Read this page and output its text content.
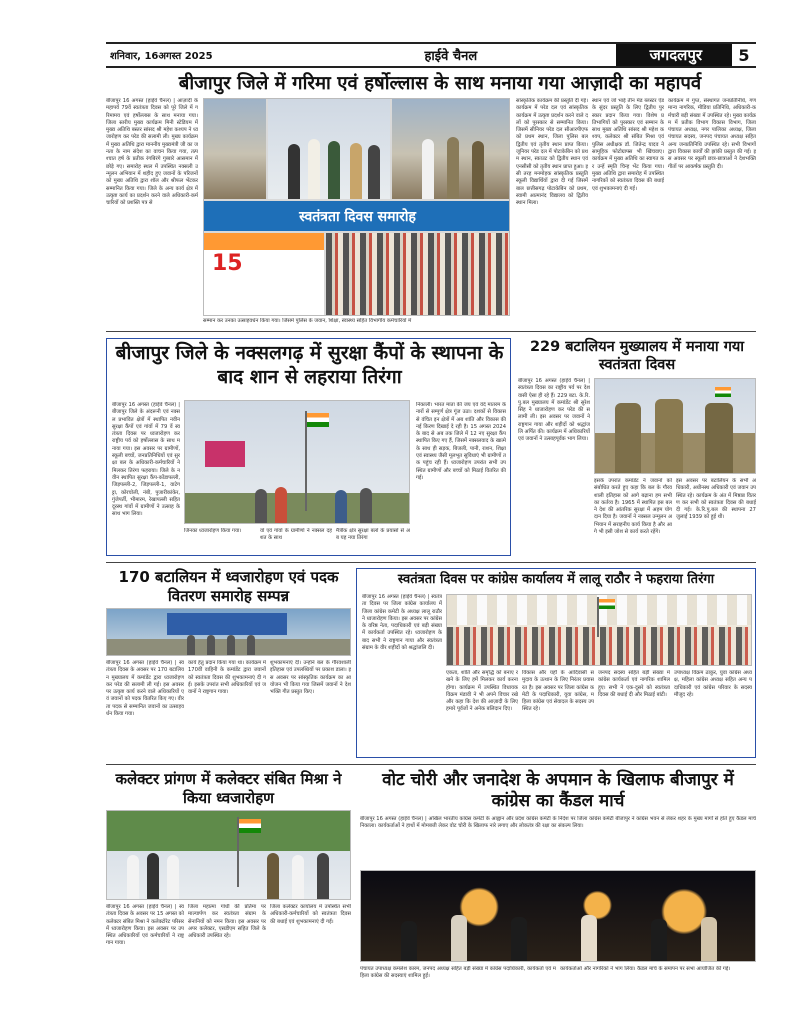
शनिवार, 16अगस्त 2025	हाईवे चैनल	जगदलपुर	5
बीजापुर जिले में गरिमा एवं हर्षोल्लास के साथ मनाया गया आज़ादी का महापर्व
बीजापुर 16 अगस्त (हाईवे चैनल) | आज़ादी के महापर्व 79वें स्वतंत्रता दिवस को पूरे जिले में गरिमामय एवं हर्षोल्लास के साथ मनाया गया। जिला स्तरीय मुख्य कार्यक्रम मिनी स्टेडियम में मुख्य अतिथि बस्तर सांसद श्री महेश कश्यप ने ध्वजारोहण कर परेड की सलामी ली। मुख्य कार्यक्रम में मुख्य अतिथि द्वारा माननीय मुख्यमंत्री जी का जनता के नाम संदेश का वाचन किया गया, तत्पश्चात हर्ष के प्रतीक रंगबिरंगे गुब्बारे आसमान में छोड़े गए। समारोह स्थल में उपस्थित नक्सली उन्मूलन अभियान में शहीद हुए जवानों के परिजनों को मुख्य अतिथि द्वारा शॉल और श्रीफल भेंटकर सम्मानित किया गया। जिले के अन्य कार्य क्षेत्र में उत्कृष्ट कार्य का प्रदर्शन करने वाले अधिकारी-कर्मचारियों को प्रशस्ति पत्र से
स्वतंत्रता दिवस समारोह
15
सांस्कृतिक कार्यक्रम की प्रस्तुति दी गई। कार्यक्रम में परेड दल एवं सांस्कृतिक कार्यक्रम में उत्कृष्ट प्रदर्शन करने वाले दलों को पुरस्कार से सम्मानित किया। जिसमें सीनियर परेड दल सीआरपीएफ को प्रथम स्थान, जिला पुलिस बल द्वितीय एवं तृतीय स्थान प्राप्त किया। जूनियर परेड दल में पोटाकेबिन को प्रथम स्थान, स्काउट को द्वितीय स्थान एवं एनसीसी को तृतीय स्थान प्राप्त हुआ। इसी तरह मनमोहक सांस्कृतिक प्रस्तुति स्कूली विद्यार्थियों द्वारा दी गई जिसमें बाल छत्तीसगढ़ पोटाकेबिन को प्रथम, स्वामी आत्मानंद विद्यालय को द्वितीय स्थान मिला।
स्थान एवं जो भाई तीन मेड ब्लस्टर ऐड के सुंदर प्रस्तुति के लिए द्वितीय पुरस्कार प्रदान किया गया। विशेष प्रतिभागियों को पुरस्कार एवं सम्मान के साथ मुख्य अतिथि सांसद श्री महेश कश्यप, कलेक्टर श्री संबित मिश्रा एवं पुलिस अधीक्षक डॉ. जितेन्द्र यादव ने सामूहिक फोटोग्राफ्स भी खिंचवाए। कार्यक्रम में मुख्य अतिथि का स्वागत कर उन्हें स्मृति चिन्ह भेंट किया गया। मुख्य अतिथि द्वारा समारोह में उपस्थित नागरिकों को स्वतंत्रता दिवस की बधाई एवं शुभकामनाएं दी गई।
कार्यक्रम में गुप्त, संस्थागत जनप्रतिनिधि, गणमान्य नागरिक, मीडिया प्रतिनिधि, अधिकारी-कर्मचारी बड़ी संख्या में उपस्थित रहे। मुख्य कार्यक्रम में प्रतीक विभाग विकास विभाग, जिला पंचायत अध्यक्ष, नगर पालिका अध्यक्ष, जिला पंचायत सदस्य, जनपद पंचायत अध्यक्ष सहित अन्य जनप्रतिनिधि उपस्थित रहे। सभी विभागों द्वारा विकास कार्यों की झांकी प्रस्तुत की गई। इस अवसर पर स्कूली छात्र-छात्राओं ने देशभक्ति गीतों पर आकर्षक प्रस्तुति दी।
सम्मान कर उनका उत्साहवर्धन किया गया। जिसमें पुलिस के जवान, शिक्षा, स्वास्थ्य सहित विभागीय कर्मचारियों में
बीजापुर जिले के नक्सलगढ़ में सुरक्षा कैंपों के स्थापना के बाद शान से लहराया तिरंगा
बीजापुर 16 अगस्त (हाईवे चैनल) | बीजापुर जिले के अंदरूनी एवं नक्सल प्रभावित क्षेत्रों में स्थापित नवीन सुरक्षा कैंपों एवं गांवों में 79 वें स्वतंत्रता दिवस पर ध्वजारोहण कर राष्ट्रीय पर्व को हर्षोल्लास के साथ मनाया गया। इस अवसर पर ग्रामीणों, स्कूली बच्चों, जनप्रतिनिधियों एवं सुरक्षा बल के अधिकारी-कर्मचारियों ने मिलकर तिरंगा फहराया। जिले के नवीन स्थापित सुरक्षा कैंप-कोंडापल्ली, जिड़पल्ली-2, जिड़पल्ली-1, वाटेगट्टा, कोरचोली, नंबी, पुजारीकांकेर, गुंजेपर्ती, भीमारम, रेखापल्ली सहित दूरस्थ गांवों में ग्रामीणों ने उत्साह के साथ भाग लिया।
निकाली। भारत माता की जय एवं वंदे मातरम के नारों से सम्पूर्ण क्षेत्र गूंज उठा। दशकों से विकास से वंचित इन क्षेत्रों में अब शांति और विकास की नई किरण दिखाई दे रही है। 15 अगस्त 2024 के बाद से अब तक जिले में 12 नए सुरक्षा कैंप स्थापित किए गए हैं, जिसमें नक्सलवाद के खात्मे के साथ ही सड़क, बिजली, पानी, राशन, शिक्षा एवं स्वास्थ्य जैसी मूलभूत सुविधाएं भी ग्रामीणों तक पहुंच रही हैं। ध्वजारोहण उपरांत सभी उपस्थित ग्रामीणों और बच्चों को मिठाई वितरित की गई।
जिनका ध्वजारोहण किया गया।	वों एवं गांवों के ग्रामीणों ने नक्सल दहशत के साथ
मैत्रीक क्षेत्र सुरक्षा बलों के प्रयासों से अब यह नया तिरंगा
229 बटालियन मुख्यालय में मनाया गया स्वतंत्रता दिवस
बीजापुर 16 अगस्त (हाईवे चैनल) | स्वतंत्रता दिवस का राष्ट्रीय पर्व पर देशवासी ऐसा ही रहे हैं। 229 बटा. के.रि.पु.बल मुख्यालय में कमांडेंट श्री सुरेश सिंह ने ध्वजारोहण कर परेड की सलामी ली। इस अवसर पर जवानों ने राष्ट्रगान गाया और शहीदों को श्रद्धांजलि अर्पित की। कार्यक्रम में अधिकारियों एवं जवानों ने उत्साहपूर्वक भाग लिया।
इसके उपरांत कमांडेंट ने जवानों को संबोधित करते हुए कहा कि बल के गौरवशाली इतिहास को आगे बढ़ाना हम सभी का कर्तव्य है। 1965 में स्थापित इस बल ने देश की आंतरिक सुरक्षा में अहम योगदान दिया है। जवानों ने नक्सल उन्मूलन अभियान में सराहनीय कार्य किया है और आगे भी इसी जोश से कार्य करते रहेंगे।
इस अवसर पर बटालियन के सभी अधिकारी, अधीनस्थ अधिकारी एवं जवान उपस्थित रहे। कार्यक्रम के अंत में मिष्ठान्न वितरण कर सभी को स्वतंत्रता दिवस की बधाई दी गई। के.रि.पु.बल की स्थापना 27 जुलाई 1939 को हुई थी।
170 बटालियन में ध्वजारोहण एवं पदक वितरण समारोह सम्पन्न
बीजापुर 16 अगस्त (हाईवे चैनल) | स्वतंत्रता दिवस के अवसर पर 170 बटालियन मुख्यालय में कमांडेंट द्वारा ध्वजारोहण कर परेड की सलामी ली गई। इस अवसर पर उत्कृष्ट कार्य करने वाले अधिकारियों एवं जवानों को पदक वितरित किए गए। वीरता पदक से सम्मानित जवानों का उत्साहवर्धन किया गया।
कार्य हेतु प्रदान किया गया था। कार्यक्रम में 170वीं वाहिनी के कमांडेंट द्वारा जवानों को स्वतंत्रता दिवस की शुभकामनाएं दी गईं। इसके उपरांत सभी अधिकारियों एवं जवानों ने राष्ट्रगान गाया।
शुभकामनाएं दी। उन्होंने बल के गौरवशाली इतिहास एवं उपलब्धियों पर प्रकाश डाला। इस अवसर पर सांस्कृतिक कार्यक्रम का आयोजन भी किया गया जिसमें जवानों ने देशभक्ति गीत प्रस्तुत किए।
स्वतंत्रता दिवस पर कांग्रेस कार्यालय में लालू राठौर ने फहराया तिरंगा
बीजापुर 16 अगस्त (हाईवे चैनल) | स्वतंत्रता दिवस पर जिला कांग्रेस कार्यालय में जिला कांग्रेस कमेटी के अध्यक्ष लालू राठौर ने ध्वजारोहण किया। इस अवसर पर कांग्रेस के वरिष्ठ नेता, पदाधिकारी एवं बड़ी संख्या में कार्यकर्ता उपस्थित रहे। ध्वजारोहण के बाद सभी ने राष्ट्रगान गाया और स्वतंत्रता संग्राम के वीर शहीदों को श्रद्धांजलि दी।
एकता, शांति और समृद्धि को बनाए रखने के लिए हमें मिलकर कार्य करना होगा। कार्यक्रम में उपस्थित विधायक विक्रम मंडावी ने भी अपने विचार रखे और कहा कि देश की आज़ादी के लिए हमारे पूर्वजों ने अनेक बलिदान दिए।
विकास और यहाँ के आदिवासी समुदाय के उत्थान के लिए निरंतर प्रयासरत है। इस अवसर पर जिला कांग्रेस कमेटी के पदाधिकारी, युवा कांग्रेस, महिला कांग्रेस एवं सेवादल के सदस्य उपस्थित रहे।
जनपद सदस्य सहित बड़ी संख्या में कांग्रेस कार्यकर्ता एवं नागरिक शामिल हुए। सभी ने एक-दूसरे को स्वतंत्रता दिवस की बधाई दी और मिठाई बांटी।
उपाध्यक्ष विक्रम ठाकुर, युवा कांग्रेस अध्यक्ष, महिला कांग्रेस अध्यक्ष सहित अन्य पदाधिकारी एवं कांग्रेस परिवार के सदस्य मौजूद रहे।
कलेक्टर प्रांगण में कलेक्टर संबित मिश्रा ने किया ध्वजारोहण
बीजापुर 16 अगस्त (हाईवे चैनल) | स्वतंत्रता दिवस के अवसर पर 15 अगस्त को कलेक्टर संबित मिश्रा ने कलेक्टोरेट परिसर में ध्वजारोहण किया। इस अवसर पर उपस्थित अधिकारियों एवं कर्मचारियों ने राष्ट्रगान गाया।
जिला महात्मा गांधी की प्रतिमा पर माल्यार्पण कर स्वतंत्रता संग्राम के सेनानियों को नमन किया। इस अवसर पर अपर कलेक्टर, एसडीएम सहित जिले के अधिकारी उपस्थित रहे।
जिला कलेक्टर कार्यालय में उपस्थित सभी अधिकारी-कर्मचारियों को स्वतंत्रता दिवस की बधाई एवं शुभकामनाएं दी गईं।
वोट चोरी और जनादेश के अपमान के खिलाफ बीजापुर में कांग्रेस का कैंडल मार्च
बीजापुर 16 अगस्त (हाईवे चैनल) | अखिल भारतीय कांग्रेस कमेटी के आह्वान और प्रदेश कांग्रेस कमेटी के निर्देश पर जिला कांग्रेस कमेटी बीजापुर ने कांग्रेस भवन से लेकर शहर के मुख्य मार्गों से होते हुए कैंडल मार्च निकाला। कार्यकर्ताओं ने हाथों में मोमबत्ती लेकर वोट चोरी के खिलाफ नारे लगाए और लोकतंत्र की रक्षा का संकल्प लिया।
पंचायत उपाध्यक्ष कमलेश कारम, जनपद अध्यक्ष सहित बड़ी संख्या में कांग्रेस पदाधिकारी, कार्यकर्ता एवं महिला कांग्रेस की सदस्याएं शामिल हुईं।
कार्यकर्ताओं और नागरिकों ने भाग लिया। कैंडल मार्च के समापन पर सभा आयोजित की गई।
